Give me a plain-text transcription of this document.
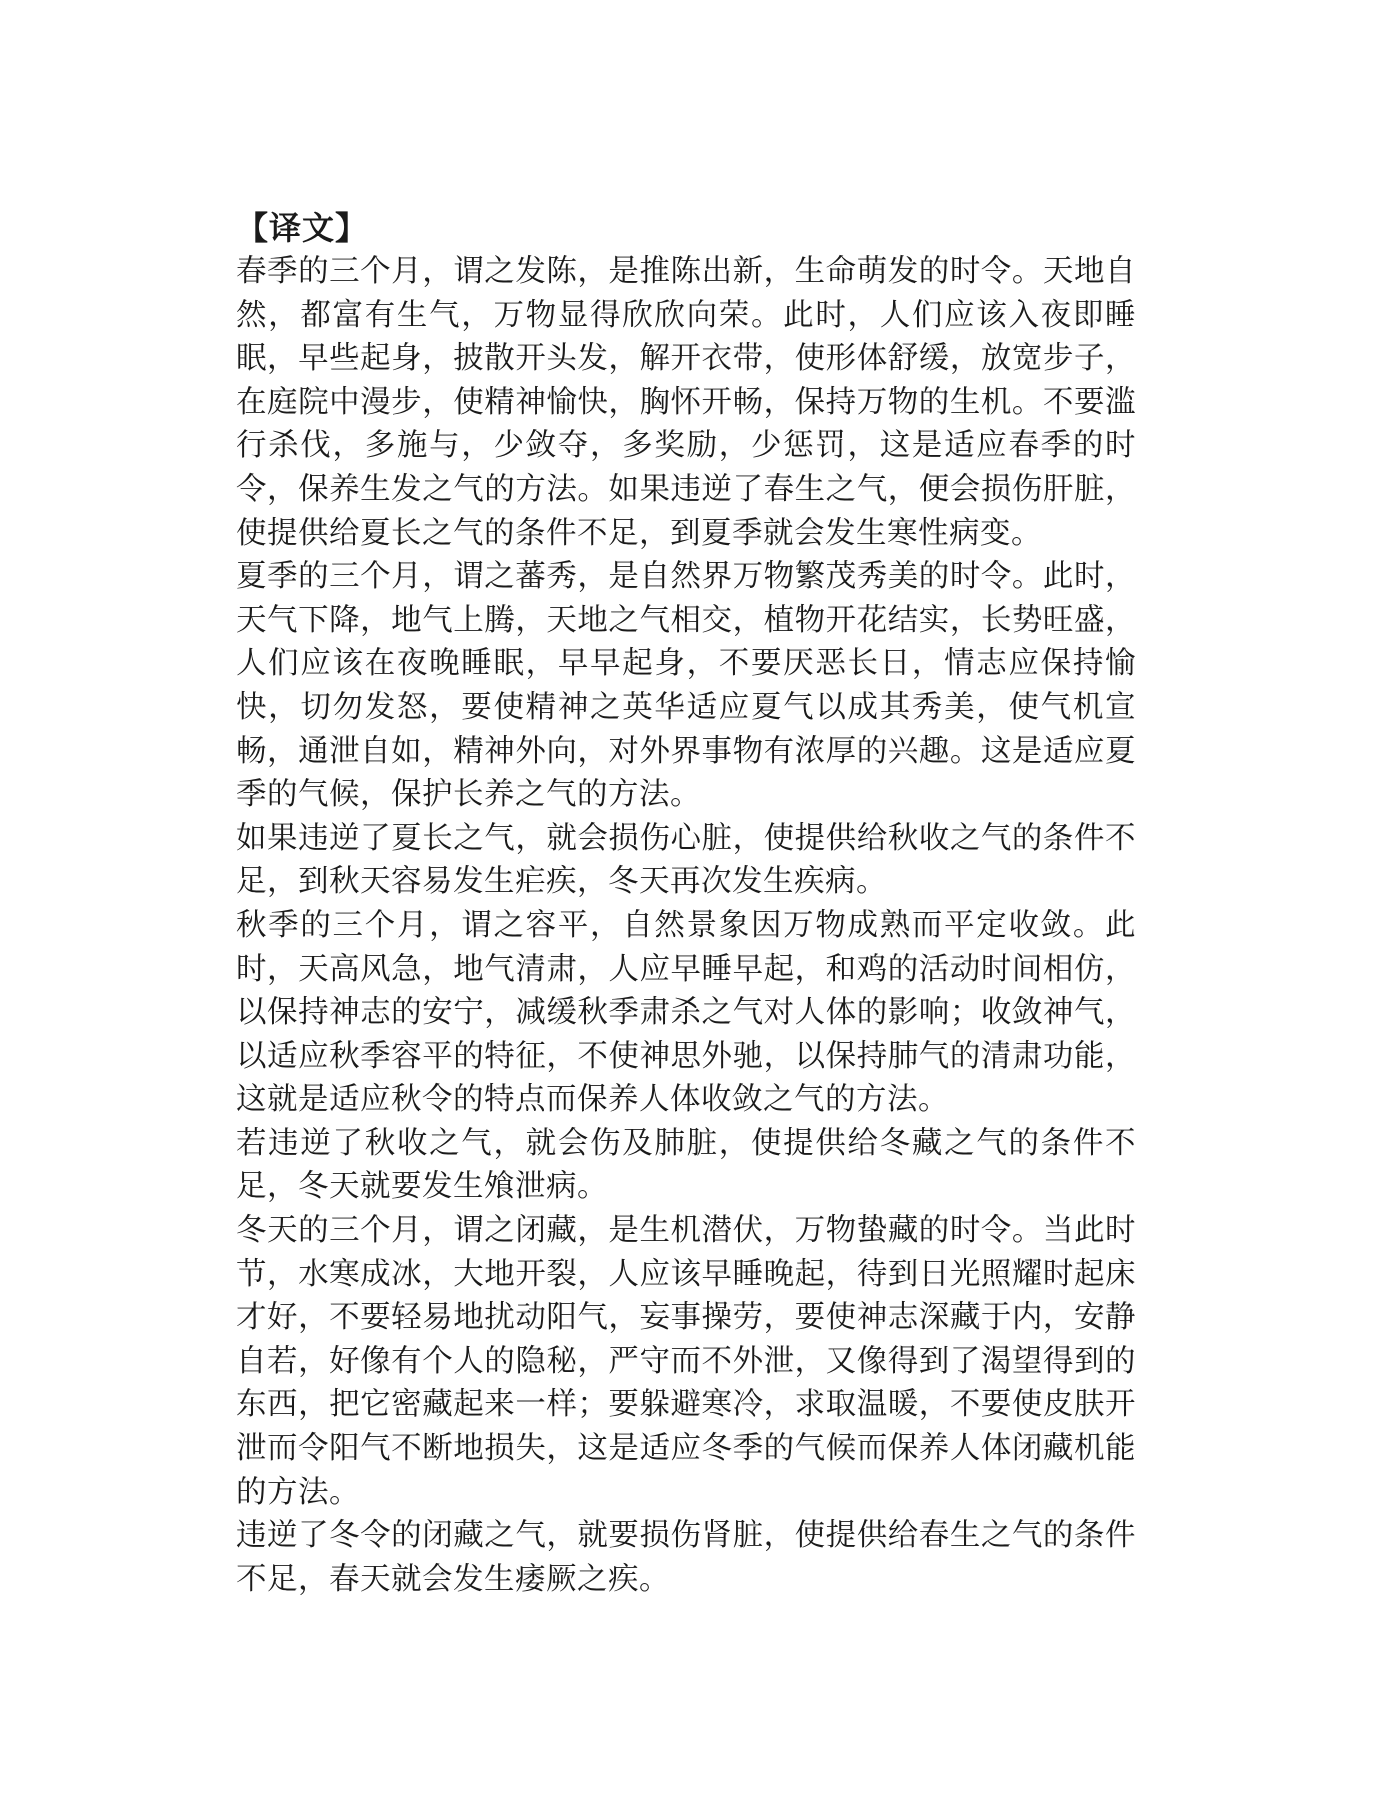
【译文】

春季的三个月，谓之发陈，是推陈出新，生命萌发的时令。天地自然，都富有生气，万物显得欣欣向荣。此时，人们应该入夜即睡眠，早些起身，披散开头发，解开衣带，使形体舒缓，放宽步子，在庭院中漫步，使精神愉快，胸怀开畅，保持万物的生机。不要滥行杀伐，多施与，少敛夺，多奖励，少惩罚，这是适应春季的时令，保养生发之气的方法。如果违逆了春生之气，便会损伤肝脏，使提供给夏长之气的条件不足，到夏季就会发生寒性病变。

夏季的三个月，谓之蕃秀，是自然界万物繁茂秀美的时令。此时，天气下降，地气上腾，天地之气相交，植物开花结实，长势旺盛，人们应该在夜晚睡眠，早早起身，不要厌恶长日，情志应保持愉快，切勿发怒，要使精神之英华适应夏气以成其秀美，使气机宣畅，通泄自如，精神外向，对外界事物有浓厚的兴趣。这是适应夏季的气候，保护长养之气的方法。

如果违逆了夏长之气，就会损伤心脏，使提供给秋收之气的条件不足，到秋天容易发生疟疾，冬天再次发生疾病。

秋季的三个月，谓之容平，自然景象因万物成熟而平定收敛。此时，天高风急，地气清肃，人应早睡早起，和鸡的活动时间相仿，以保持神志的安宁，减缓秋季肃杀之气对人体的影响；收敛神气，以适应秋季容平的特征，不使神思外驰，以保持肺气的清肃功能，这就是适应秋令的特点而保养人体收敛之气的方法。

若违逆了秋收之气，就会伤及肺脏，使提供给冬藏之气的条件不足，冬天就要发生飧泄病。

冬天的三个月，谓之闭藏，是生机潜伏，万物蛰藏的时令。当此时节，水寒成冰，大地开裂，人应该早睡晚起，待到日光照耀时起床才好，不要轻易地扰动阳气，妄事操劳，要使神志深藏于内，安静自若，好像有个人的隐秘，严守而不外泄，又像得到了渴望得到的东西，把它密藏起来一样；要躲避寒冷，求取温暖，不要使皮肤开泄而令阳气不断地损失，这是适应冬季的气候而保养人体闭藏机能的方法。

违逆了冬令的闭藏之气，就要损伤肾脏，使提供给春生之气的条件不足，春天就会发生痿厥之疾。
